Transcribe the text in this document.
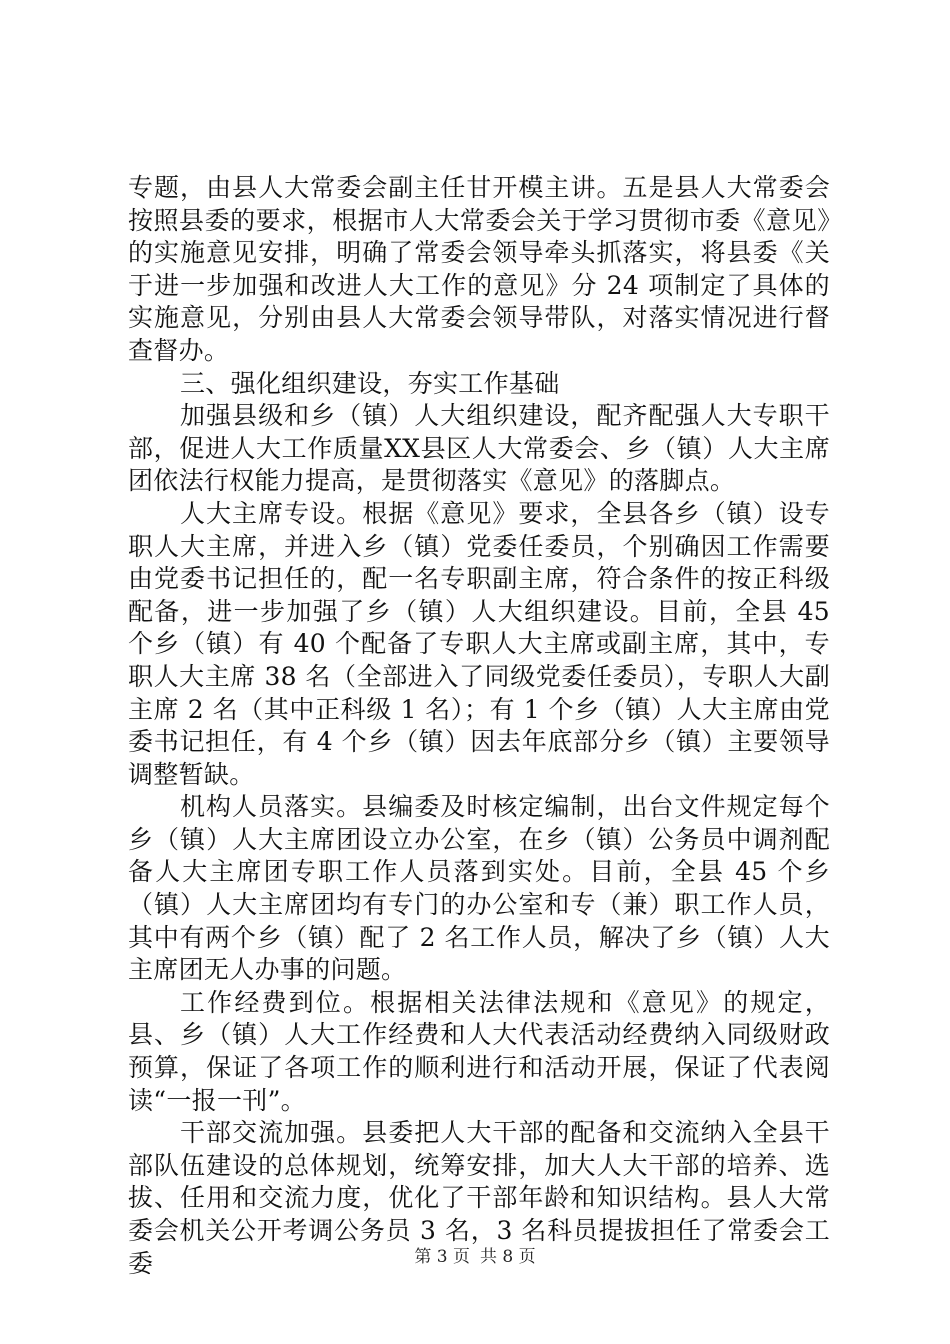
专题，由县人大常委会副主任甘开模主讲。五是县人大常委会按照县委的要求，根据市人大常委会关于学习贯彻市委《意见》的实施意见安排，明确了常委会领导牵头抓落实，将县委《关于进一步加强和改进人大工作的意见》分 24 项制定了具体的实施意见，分别由县人大常委会领导带队，对落实情况进行督查督办。

三、强化组织建设，夯实工作基础

加强县级和乡（镇）人大组织建设，配齐配强人大专职干部，促进人大工作质量XX县区人大常委会、乡（镇）人大主席团依法行权能力提高，是贯彻落实《意见》的落脚点。

人大主席专设。根据《意见》要求，全县各乡（镇）设专职人大主席，并进入乡（镇）党委任委员，个别确因工作需要由党委书记担任的，配一名专职副主席，符合条件的按正科级配备，进一步加强了乡（镇）人大组织建设。目前，全县 45 个乡（镇）有 40 个配备了专职人大主席或副主席，其中，专职人大主席 38 名（全部进入了同级党委任委员），专职人大副主席 2 名（其中正科级 1 名）；有 1 个乡（镇）人大主席由党委书记担任，有 4 个乡（镇）因去年底部分乡（镇）主要领导调整暂缺。

机构人员落实。县编委及时核定编制，出台文件规定每个乡（镇）人大主席团设立办公室，在乡（镇）公务员中调剂配备人大主席团专职工作人员落到实处。目前，全县 45 个乡（镇）人大主席团均有专门的办公室和专（兼）职工作人员，其中有两个乡（镇）配了 2 名工作人员，解决了乡（镇）人大主席团无人办事的问题。

工作经费到位。根据相关法律法规和《意见》的规定，县、乡（镇）人大工作经费和人大代表活动经费纳入同级财政预算，保证了各项工作的顺利进行和活动开展，保证了代表阅读“一报一刊”。

干部交流加强。县委把人大干部的配备和交流纳入全县干部队伍建设的总体规划，统筹安排，加大人大干部的培养、选拔、任用和交流力度，优化了干部年龄和知识结构。县人大常委会机关公开考调公务员 3 名，3 名科员提拔担任了常委会工委	第 3 页 共 8 页
